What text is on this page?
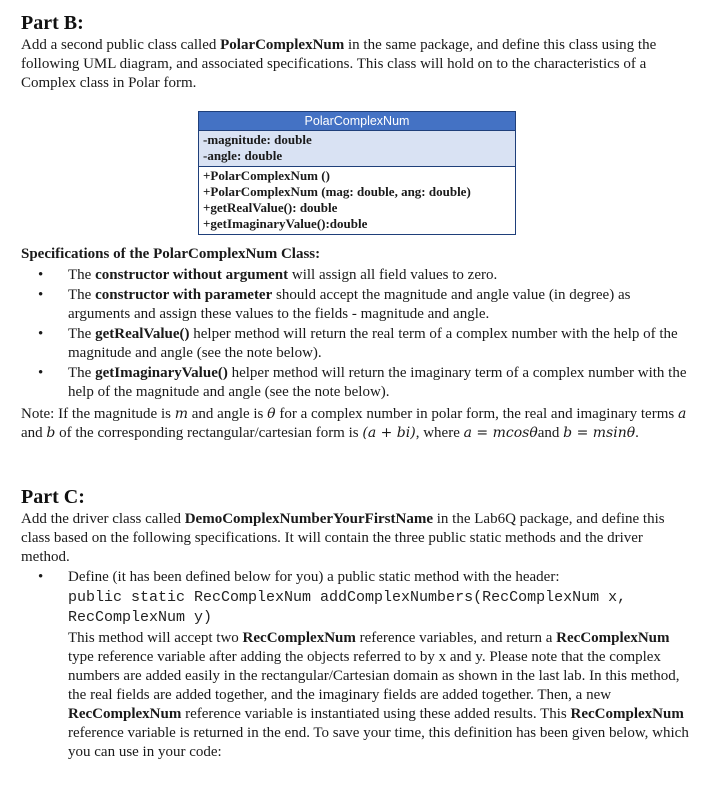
Part B:

Add a second public class called PolarComplexNum in the same package, and define this class using the following UML diagram, and associated specifications. This class will hold on to the characteristics of a Complex class in Polar form.

PolarComplexNum
-magnitude: double
-angle: double
+PolarComplexNum ()
+PolarComplexNum (mag: double, ang: double)
+getRealValue(): double
+getImaginaryValue():double

Specifications of the PolarComplexNum Class:

• The constructor without argument will assign all field values to zero.
• The constructor with parameter should accept the magnitude and angle value (in degree) as arguments and assign these values to the fields - magnitude and angle.
• The getRealValue() helper method will return the real term of a complex number with the help of the magnitude and angle (see the note below).
• The getImaginaryValue() helper method will return the imaginary term of a complex number with the help of the magnitude and angle (see the note below).

Note: If the magnitude is m and angle is θ for a complex number in polar form, the real and imaginary terms a and b of the corresponding rectangular/cartesian form is (a + bi), where a = mcosθand b = msinθ.

Part C:

Add the driver class called DemoComplexNumberYourFirstName in the Lab6Q package, and define this class based on the following specifications. It will contain the three public static methods and the driver method.

• Define (it has been defined below for you) a public static method with the header:
public static RecComplexNum addComplexNumbers(RecComplexNum x,
RecComplexNum y)
This method will accept two RecComplexNum reference variables, and return a RecComplexNum type reference variable after adding the objects referred to by x and y. Please note that the complex numbers are added easily in the rectangular/Cartesian domain as shown in the last lab. In this method, the real fields are added together, and the imaginary fields are added together. Then, a new RecComplexNum reference variable is instantiated using these added results. This RecComplexNum reference variable is returned in the end. To save your time, this definition has been given below, which you can use in your code:
